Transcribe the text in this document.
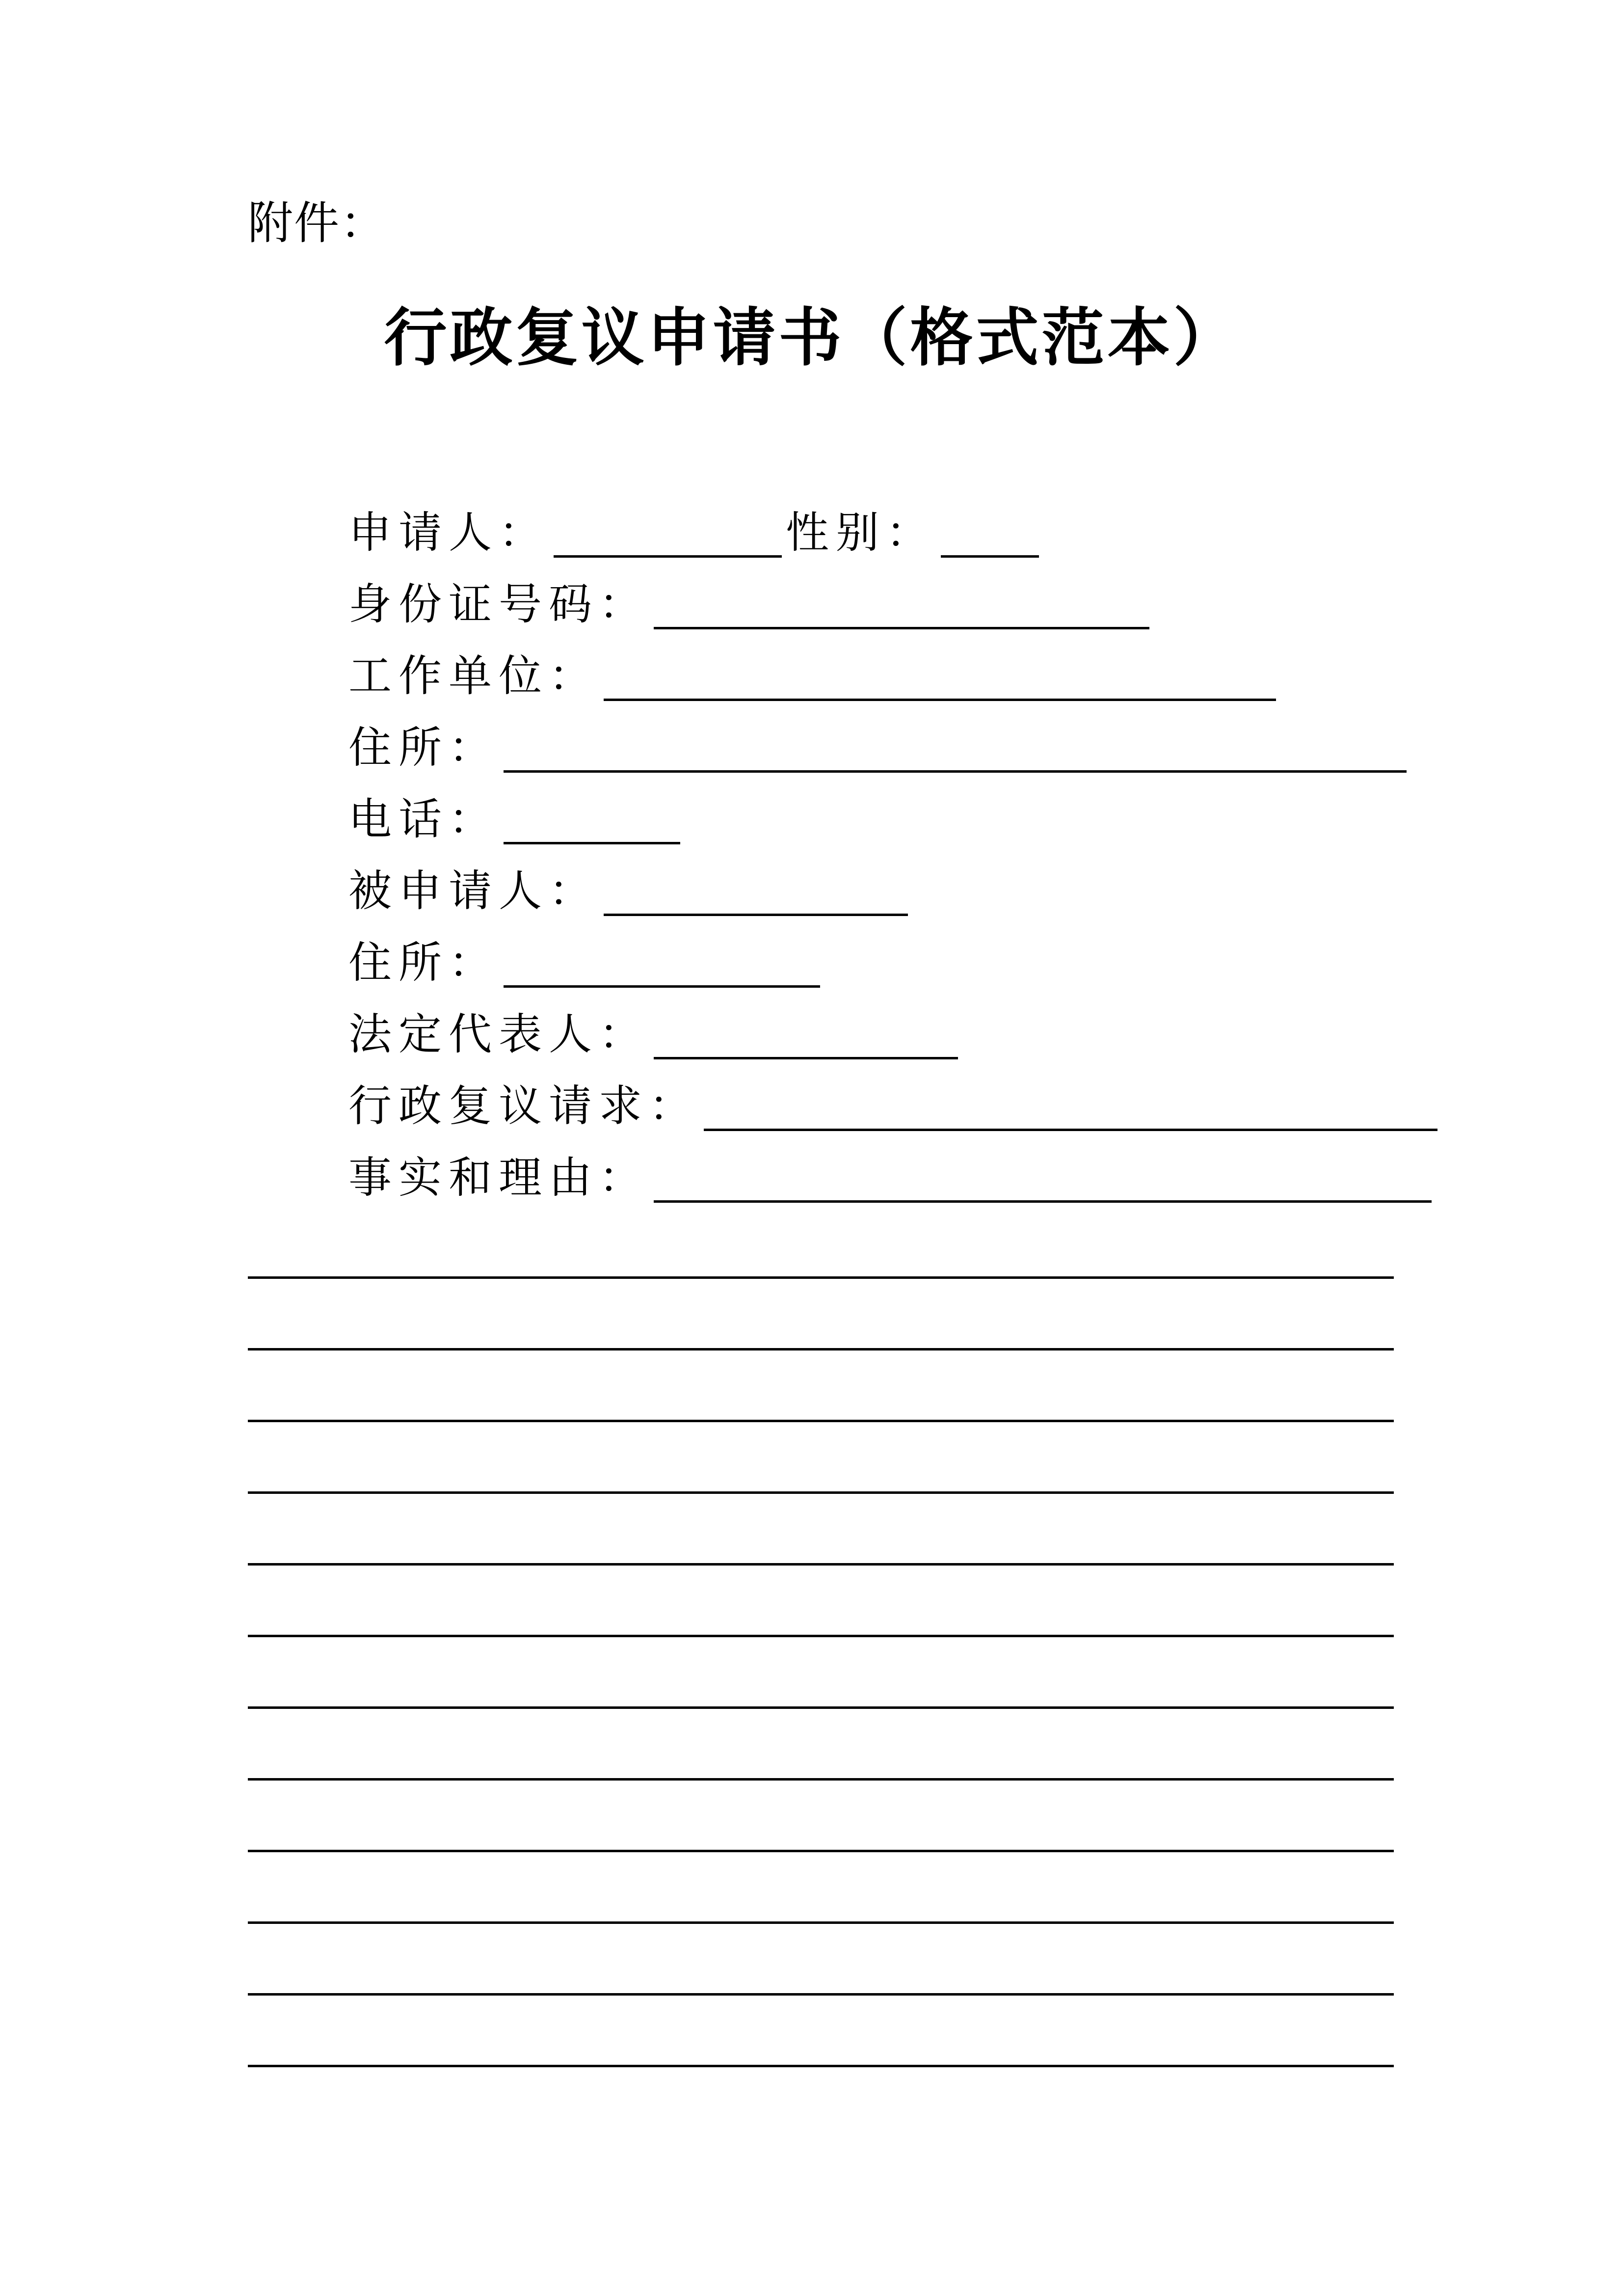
附件：
行政复议申请书（格式范本）
申请人：	性别：
身份证号码：
工作单位：
住所：
电话：
被申请人：
住所：
法定代表人：
行政复议请求：
事实和理由：
